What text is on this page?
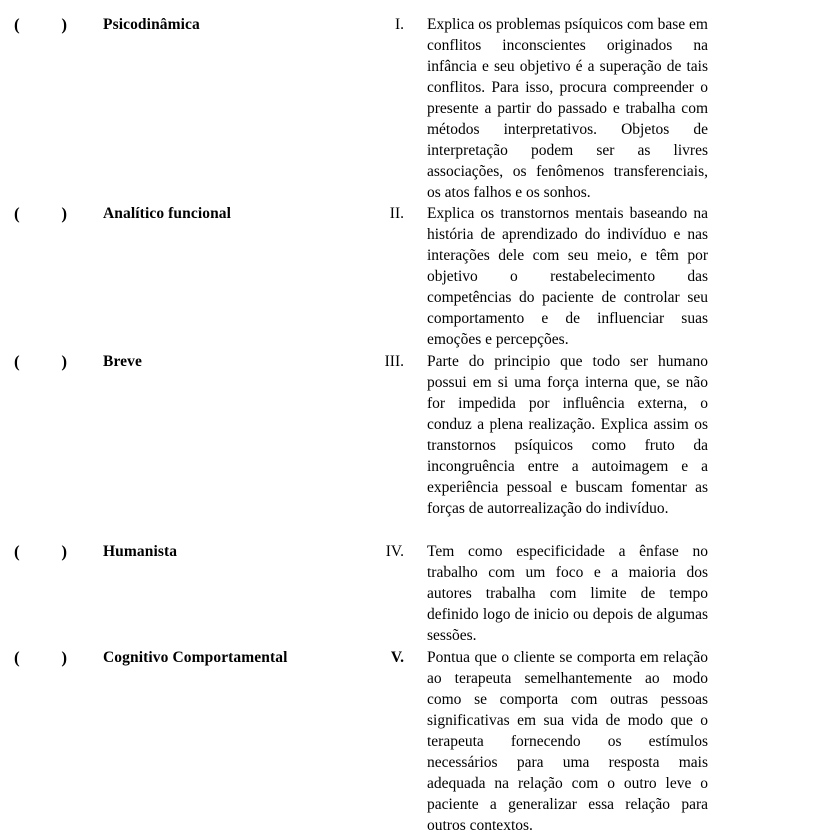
( ) Psicodinâmica	I.	Explica os problemas psíquicos com base em conflitos inconscientes originados na infância e seu objetivo é a superação de tais conflitos. Para isso, procura compreender o presente a partir do passado e trabalha com métodos interpretativos. Objetos de interpretação podem ser as livres associações, os fenômenos transferenciais, os atos falhos e os sonhos.
( ) Analítico funcional	II.	Explica os transtornos mentais baseando na história de aprendizado do indivíduo e nas interações dele com seu meio, e têm por objetivo o restabelecimento das competências do paciente de controlar seu comportamento e de influenciar suas emoções e percepções.
( ) Breve	III.	Parte do principio que todo ser humano possui em si uma força interna que, se não for impedida por influência externa, o conduz a plena realização. Explica assim os transtornos psíquicos como fruto da incongruência entre a autoimagem e a experiência pessoal e buscam fomentar as forças de autorrealização do indivíduo.
( ) Humanista	IV.	Tem como especificidade a ênfase no trabalho com um foco e a maioria dos autores trabalha com limite de tempo definido logo de inicio ou depois de algumas sessões.
( ) Cognitivo Comportamental	V.	Pontua que o cliente se comporta em relação ao terapeuta semelhantemente ao modo como se comporta com outras pessoas significativas em sua vida de modo que o terapeuta fornecendo os estímulos necessários para uma resposta mais adequada na relação com o outro leve o paciente a generalizar essa relação para outros contextos.
